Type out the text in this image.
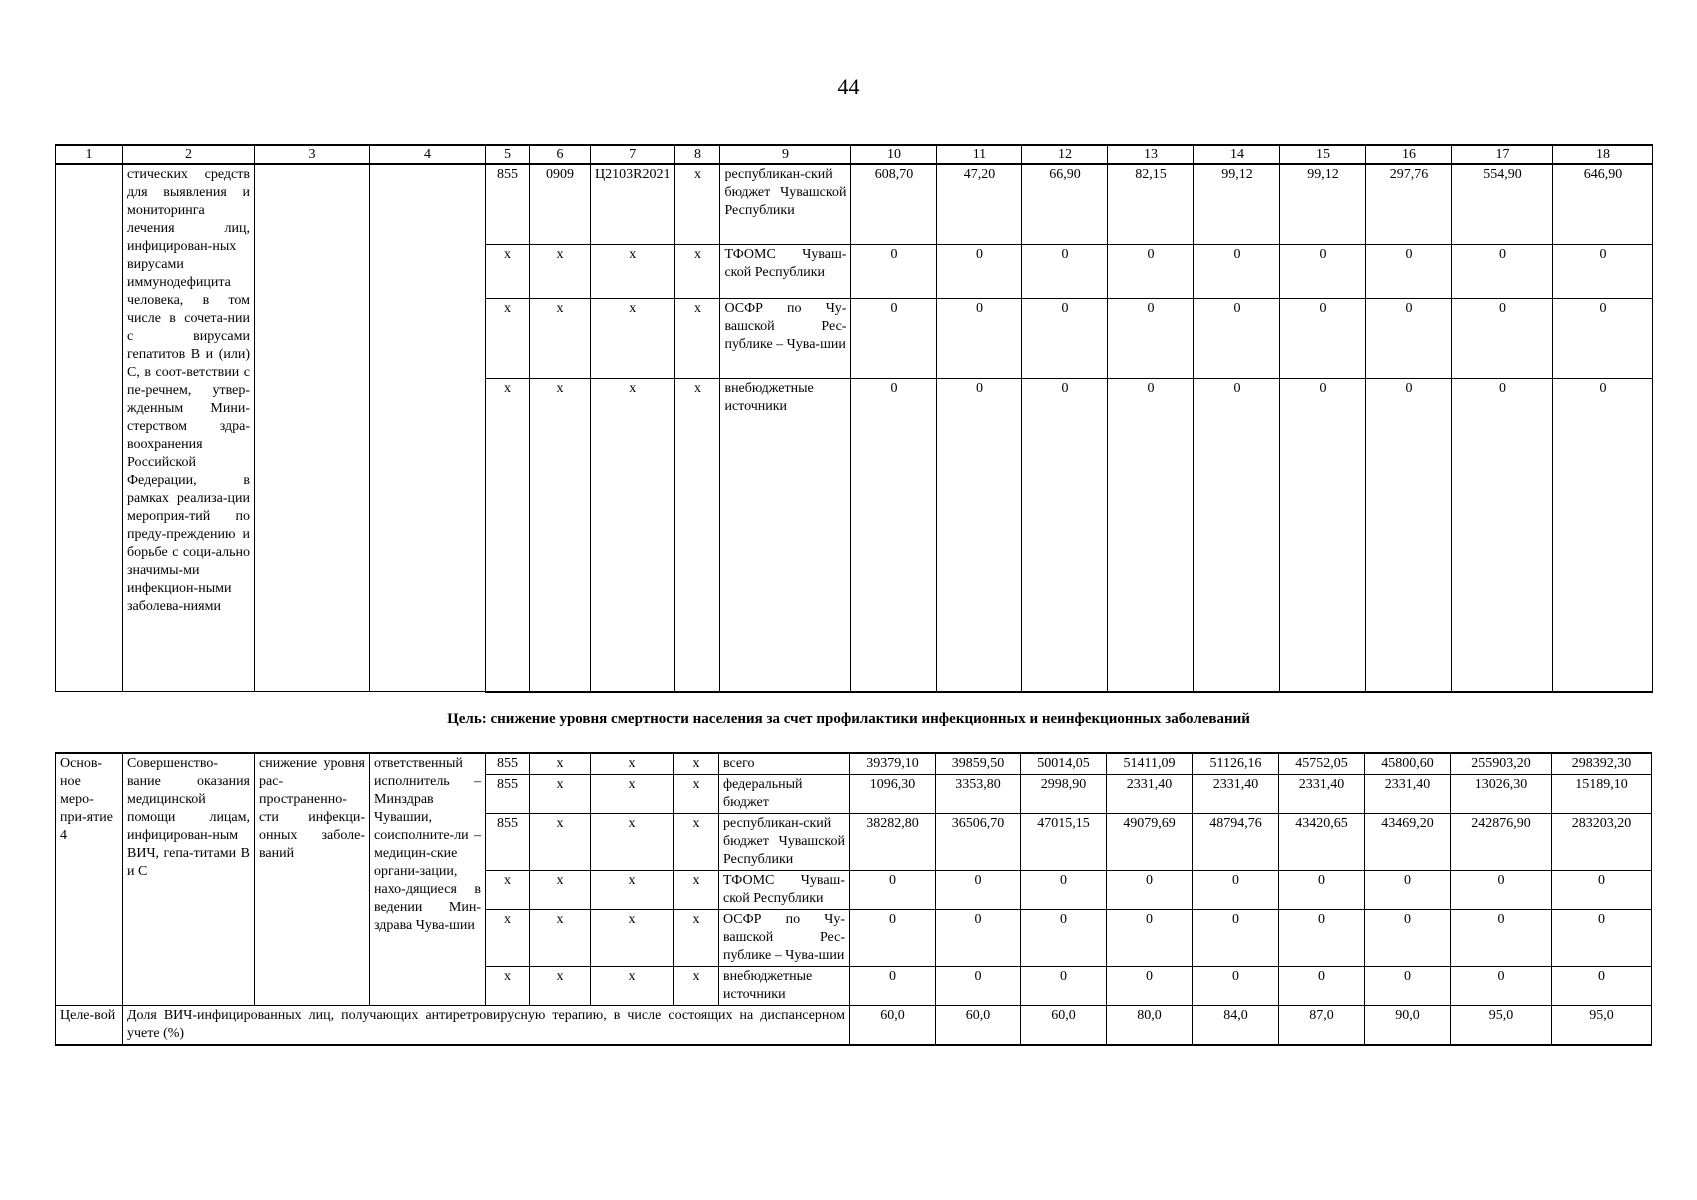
44
1	2	3	4	5	6	7	8	9	10	11	12	13	14	15	16	17	18
	стических средств для выявления и мониторинга лечения лиц, инфицирован-ных вирусами иммунодефицита человека, в том числе в сочета-нии с вирусами гепатитов B и (или) C, в соот-ветствии с пе-речнем, утвер-жденным Мини-стерством здра-воохранения Российской Федерации, в рамках реализа-ции мероприя-тий по преду-преждению и борьбе с соци-ально значимы-ми инфекцион-ными заболева-ниями			855	0909	Ц2103R2021	x	республикан-ский бюджет Чувашской Республики	608,70	47,20	66,90	82,15	99,12	99,12	297,76	554,90	646,90
				x	x	x	x	ТФОМС Чуваш-ской Республики	0	0	0	0	0	0	0	0	0
				x	x	x	x	ОСФР по Чу-вашской Рес-публике – Чува-шии	0	0	0	0	0	0	0	0	0
				x	x	x	x	внебюджетные источники	0	0	0	0	0	0	0	0	0
Цель: снижение уровня смертности населения за счет профилактики инфекционных и неинфекционных заболеваний
Основ-ное меро-при-ятие 4	Совершенство-вание оказания медицинской помощи лицам, инфицирован-ным ВИЧ, гепа-титами B и C	снижение уровня рас-пространенно-сти инфекци-онных заболе-ваний	ответственный исполнитель – Минздрав Чувашии, соисполните-ли – медицин-ские органи-зации, нахо-дящиеся в ведении Мин-здрава Чува-шии	855	x	x	x	всего	39379,10	39859,50	50014,05	51411,09	51126,16	45752,05	45800,60	255903,20	298392,30
				855	x	x	x	федеральный бюджет	1096,30	3353,80	2998,90	2331,40	2331,40	2331,40	2331,40	13026,30	15189,10
				855	x	x	x	республикан-ский бюджет Чувашской Республики	38282,80	36506,70	47015,15	49079,69	48794,76	43420,65	43469,20	242876,90	283203,20
				x	x	x	x	ТФОМС Чуваш-ской Республики	0	0	0	0	0	0	0	0	0
				x	x	x	x	ОСФР по Чу-вашской Рес-публике – Чува-шии	0	0	0	0	0	0	0	0	0
				x	x	x	x	внебюджетные источники	0	0	0	0	0	0	0	0	0
Целе-вой	Доля ВИЧ-инфицированных лиц, получающих антиретровирусную терапию, в числе состоящих на диспансерном учете (%)								60,0	60,0	60,0	80,0	84,0	87,0	90,0	95,0	95,0
